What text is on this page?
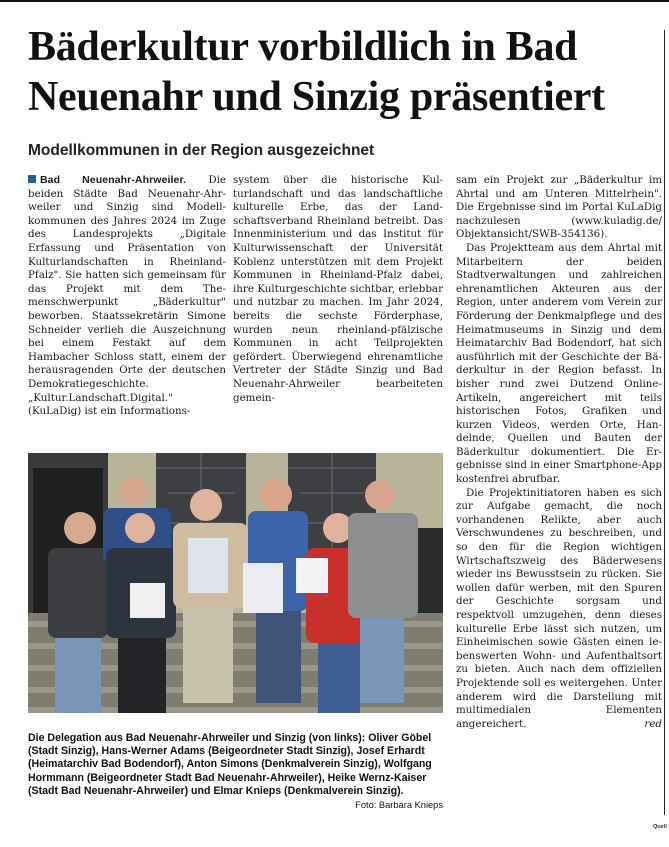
Bäderkultur vorbildlich in Bad Neuenahr und Sinzig präsentiert
Modellkommunen in der Region ausgezeichnet

Bad Neuenahr-Ahrweiler. Die beiden Städte Bad Neuenahr-Ahrweiler und Sinzig sind Modellkommunen des Jahres 2024 im Zuge des Landesprojekts „Digitale Erfassung und Präsentation von Kulturlandschaften in Rheinland-Pfalz". Sie hatten sich gemeinsam für das Projekt mit dem Themenschwerpunkt „Bäderkultur" beworben. Staatssekretärin Simone Schneider verlieh die Auszeichnung bei einem Festakt auf dem Hambacher Schloss statt, einem der herausragenden Orte der deutschen Demokratiegeschichte. „Kultur.Landschaft.Digital." (KuLaDig) ist ein Informations-

system über die historische Kulturlandschaft und das landschaftliche kulturelle Erbe, das der Landschaftsverband Rheinland betreibt. Das Innenministerium und das Institut für Kulturwissenschaft der Universität Koblenz unterstützen mit dem Projekt Kommunen in Rheinland-Pfalz dabei, ihre Kulturgeschichte sichtbar, erlebbar und nutzbar zu machen. Im Jahr 2024, bereits die sechste Förderphase, wurden neun rheinland-pfälzische Kommunen in acht Teilprojekten gefördert. Überwiegend ehrenamtliche Vertreter der Städte Sinzig und Bad Neuenahr-Ahrweiler bearbeiteten gemein-

sam ein Projekt zur „Bäderkultur im Ahrtal und am Unteren Mittelrhein". Die Ergebnisse sind im Portal KuLaDig nachzulesen (www.kuladig.de/ Objektansicht/SWB-354136).

Das Projektteam aus dem Ahrtal mit Mitarbeitern der beiden Stadtverwaltungen und zahlreichen ehrenamtlichen Akteuren aus der Region, unter anderem vom Verein zur Förderung der Denkmalpflege und des Heimatmuseums in Sinzig und dem Heimatarchiv Bad Bodendorf, hat sich ausführlich mit der Geschichte der Bäderkultur in der Region befasst. In bisher rund zwei Dutzend Online-Artikeln, angereichert mit teils historischen Fotos, Grafiken und kurzen Videos, werden Orte, Handelnde, Quellen und Bauten der Bäderkultur dokumentiert. Die Ergebnisse sind in einer Smartphone-App kostenfrei abrufbar.

Die Projektinitiatoren haben es sich zur Aufgabe gemacht, die noch vorhandenen Relikte, aber auch Verschwundenes zu beschreiben, und so den für die Region wichtigen Wirtschaftszweig des Bäderwesens wieder ins Bewusstsein zu rücken. Sie wollen dafür werben, mit den Spuren der Geschichte sorgsam und respektvoll umzugehen, denn dieses kulturelle Erbe lässt sich nutzen, um Einheimischen sowie Gästen einen lebenswerten Wohn- und Aufenthaltsort zu bieten. Auch nach dem offiziellen Projektende soll es weitergehen. Unter anderem wird die Darstellung mit multimedialen Elementen angereichert.	red

Die Delegation aus Bad Neuenahr-Ahrweiler und Sinzig (von links): Oliver Göbel (Stadt Sinzig), Hans-Werner Adams (Beigeordneter Stadt Sinzig), Josef Erhardt (Heimatarchiv Bad Bodendorf), Anton Simons (Denkmalverein Sinzig), Wolfgang Hormmann (Beigeordneter Stadt Bad Neuenahr-Ahrweiler), Heike Wernz-Kaiser (Stadt Bad Neuenahr-Ahrweiler) und Elmar Knieps (Denkmalverein Sinzig).
Foto: Barbara Knieps
Quell
